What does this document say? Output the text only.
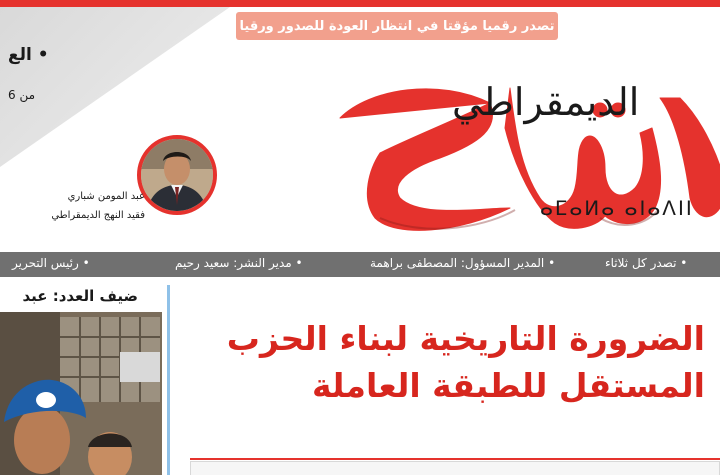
تصدر رقميا مؤقتا في انتظار العودة للصدور ورقيا
• الع
من 6	الديمقراطي
ⴰⵎⴰⵍⴰ ⴰⵏⴰⴷⵏⵏ
عبد المومن شباري
فقيد النهج الديمقراطي
• رئيس التحرير	• مدير النشر: سعيد رحيم	• المدير المسؤول: المصطفى براهمة	• تصدر كل ثلاثاء
ضيف العدد: عبد
الضرورة التاريخية لبناء الحزب
المستقل للطبقة العاملة
